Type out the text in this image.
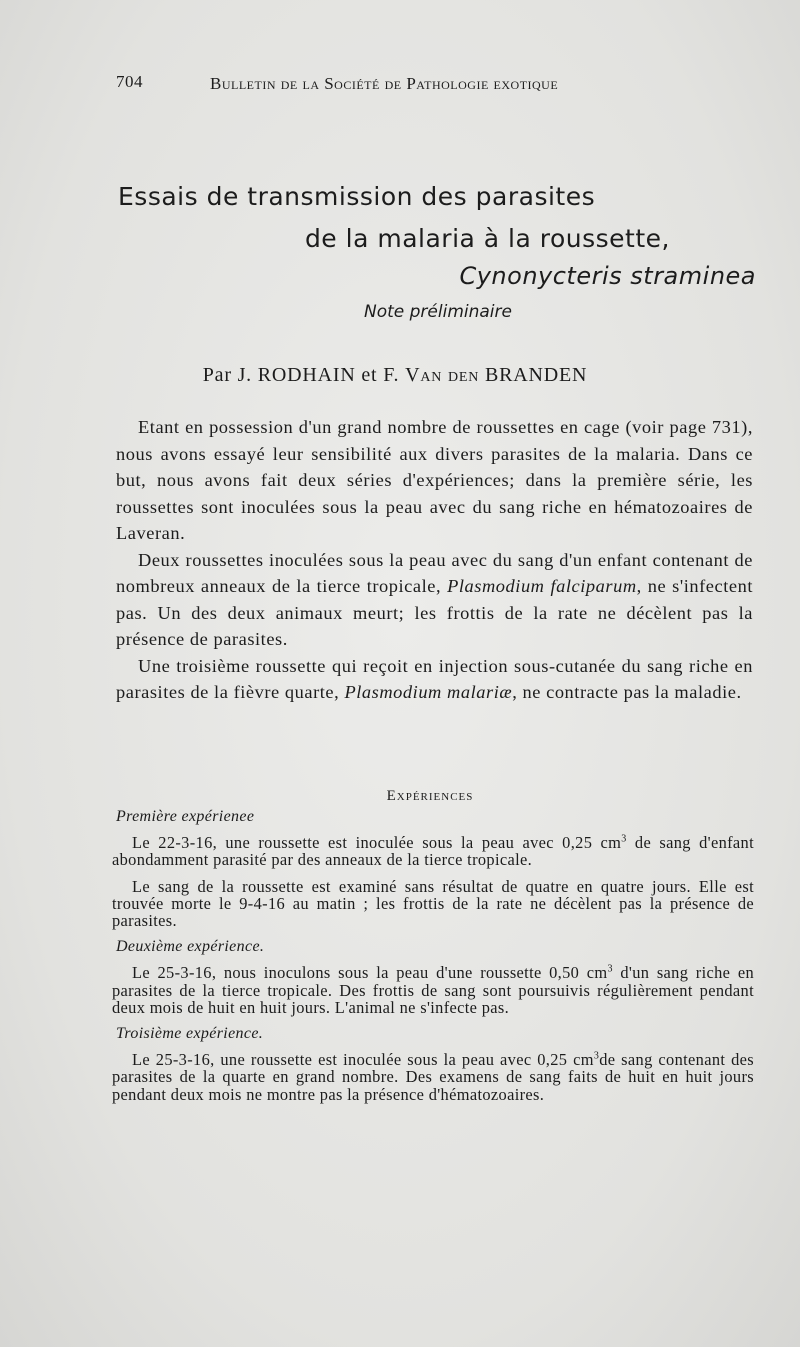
704	Bulletin de la Société de Pathologie exotique
Essais de transmission des parasites
de la malaria à la roussette,
Cynonycteris straminea
Note préliminaire
Par J. RODHAIN et F. Van den BRANDEN

Etant en possession d'un grand nombre de roussettes en cage (voir page 731), nous avons essayé leur sensibilité aux divers parasites de la malaria. Dans ce but, nous avons fait deux séries d'expériences; dans la première série, les roussettes sont inoculées sous la peau avec du sang riche en hématozoaires de Laveran.

Deux roussettes inoculées sous la peau avec du sang d'un enfant contenant de nombreux anneaux de la tierce tropicale, Plasmodium falciparum, ne s'infectent pas. Un des deux animaux meurt; les frottis de la rate ne décèlent pas la présence de parasites.

Une troisième roussette qui reçoit en injection sous-cutanée du sang riche en parasites de la fièvre quarte, Plasmodium malariæ, ne contracte pas la maladie.

Expériences
Première expérienee

Le 22-3-16, une roussette est inoculée sous la peau avec 0,25 $cm^3$ de sang d'enfant abondamment parasité par des anneaux de la tierce tropicale.

Le sang de la roussette est examiné sans résultat de quatre en quatre jours. Elle est trouvée morte le 9-4-16 au matin ; les frottis de la rate ne décèlent pas la présence de parasites.

Deuxième expérience.

Le 25-3-16, nous inoculons sous la peau d'une roussette 0,50 $cm^3$ d'un sang riche en parasites de la tierce tropicale. Des frottis de sang sont poursuivis régulièrement pendant deux mois de huit en huit jours. L'animal ne s'infecte pas.

Troisième expérience.

Le 25-3-16, une roussette est inoculée sous la peau avec 0,25 $cm^3de$ sang contenant des parasites de la quarte en grand nombre. Des examens de sang faits de huit en huit jours pendant deux mois ne montre pas la présence d'hématozoaires.
